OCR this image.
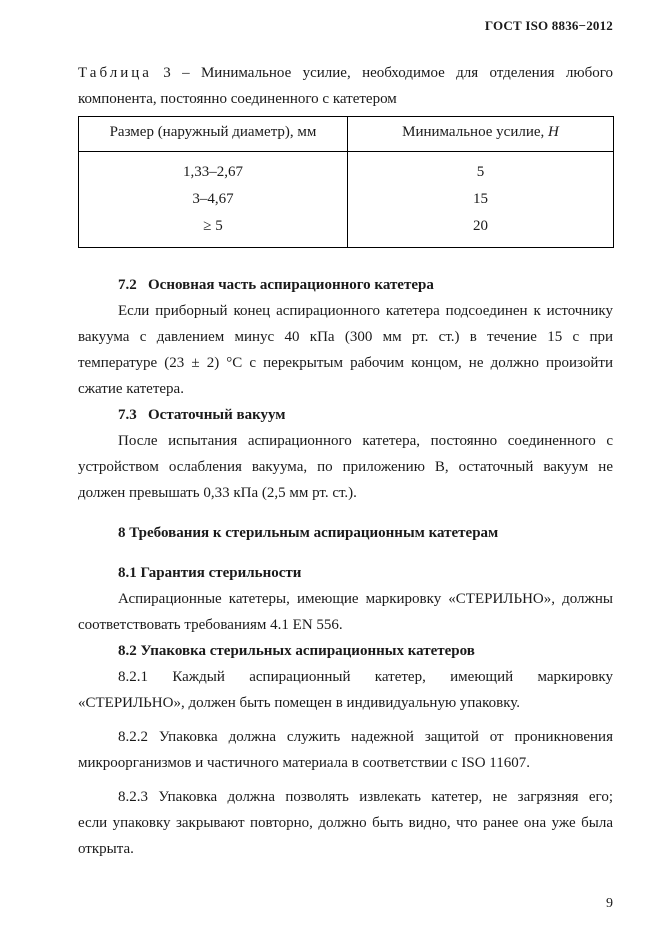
ГОСТ ISO 8836−2012

Таблица 3 – Минимальное усилие, необходимое для отделения любого

компонента, постоянно соединенного с катетером

Размер (наружный диаметр), мм	Минимальное усилие, Н
1,33–2,67	5
3–4,67	15
≥ 5	20

7.2   Основная часть аспирационного катетера

Если приборный конец аспирационного катетера подсоединен к источнику

вакуума с давлением минус 40 кПа (300 мм рт. ст.) в течение 15 с при

температуре (23 ± 2) °С с перекрытым рабочим концом, не должно произойти

сжатие катетера.

7.3   Остаточный вакуум

После испытания аспирационного катетера, постоянно соединенного с

устройством ослабления вакуума, по приложению В, остаточный вакуум не

должен превышать 0,33 кПа (2,5 мм рт. ст.).

8 Требования к стерильным аспирационным катетерам

8.1 Гарантия стерильности

Аспирационные катетеры, имеющие маркировку «СТЕРИЛЬНО», должны

соответствовать требованиям 4.1 EN 556.

8.2 Упаковка стерильных аспирационных катетеров

8.2.1 Каждый аспирационный катетер, имеющий маркировку

«СТЕРИЛЬНО», должен быть помещен в индивидуальную упаковку.

8.2.2 Упаковка должна служить надежной защитой от проникновения

микроорганизмов и частичного материала в соответствии с ISO 11607.

8.2.3 Упаковка должна позволять извлекать катетер, не загрязняя его;

если упаковку закрывают повторно, должно быть видно, что ранее она уже была

открыта.

9
